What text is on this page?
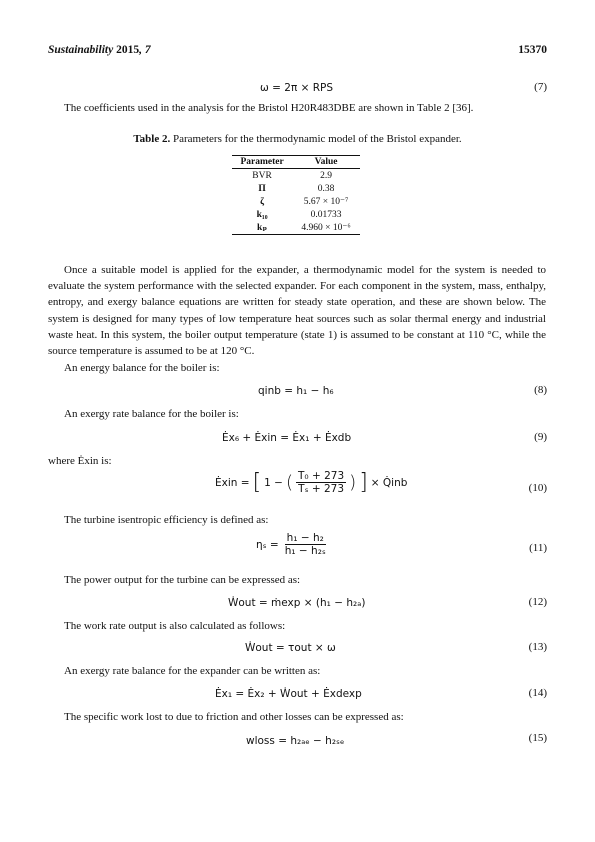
Sustainability 2015, 7	15370
ω = 2π × RPS	(7)
The coefficients used in the analysis for the Bristol H20R483DBE are shown in Table 2 [36].
Table 2. Parameters for the thermodynamic model of the Bristol expander.
Parameter	Value
BVR	2.9
Π	0.38
ζ	5.67 × 10⁻⁷
k₁₀	0.01733
kₚ	4.960 × 10⁻⁶

Once a suitable model is applied for the expander, a thermodynamic model for the system is needed to evaluate the system performance with the selected expander. For each component in the system, mass, enthalpy, entropy, and exergy balance equations are written for steady state operation, and these are shown below. The system is designed for many types of low temperature heat sources such as solar thermal energy and industrial waste heat. In this system, the boiler output temperature (state 1) is assumed to be constant at 110 °C, while the source temperature is assumed to be at 120 °C.

An energy balance for the boiler is:
qinb = h₁ − h₆	(8)
An exergy rate balance for the boiler is:
Ėx₆ + Ėxin = Ėx₁ + Ėxdb	(9)
where Ėxin is:
Ėxin = [ 1 − ( $\frac{\text{T₀ + 273}}{\text{Tₛ + 273}}$ ) ] × Q̇inb	(10)
The turbine isentropic efficiency is defined as:
$\eta_s = \frac{\text{h₁ − h₂}}{\text{h₁ − h₂ₛ}}$	(11)
The power output for the turbine can be expressed as:
Ẇout = ṁexp × (h₁ − h₂ₐ)	(12)
The work rate output is also calculated as follows:
Ẇout = τout × ω	(13)
An exergy rate balance for the expander can be written as:
Ėx₁ = Ėx₂ + Ẇout + Ėxdexp	(14)
The specific work lost to due to friction and other losses can be expressed as:
wloss = h₂ₐₑ − h₂ₛₑ	(15)
